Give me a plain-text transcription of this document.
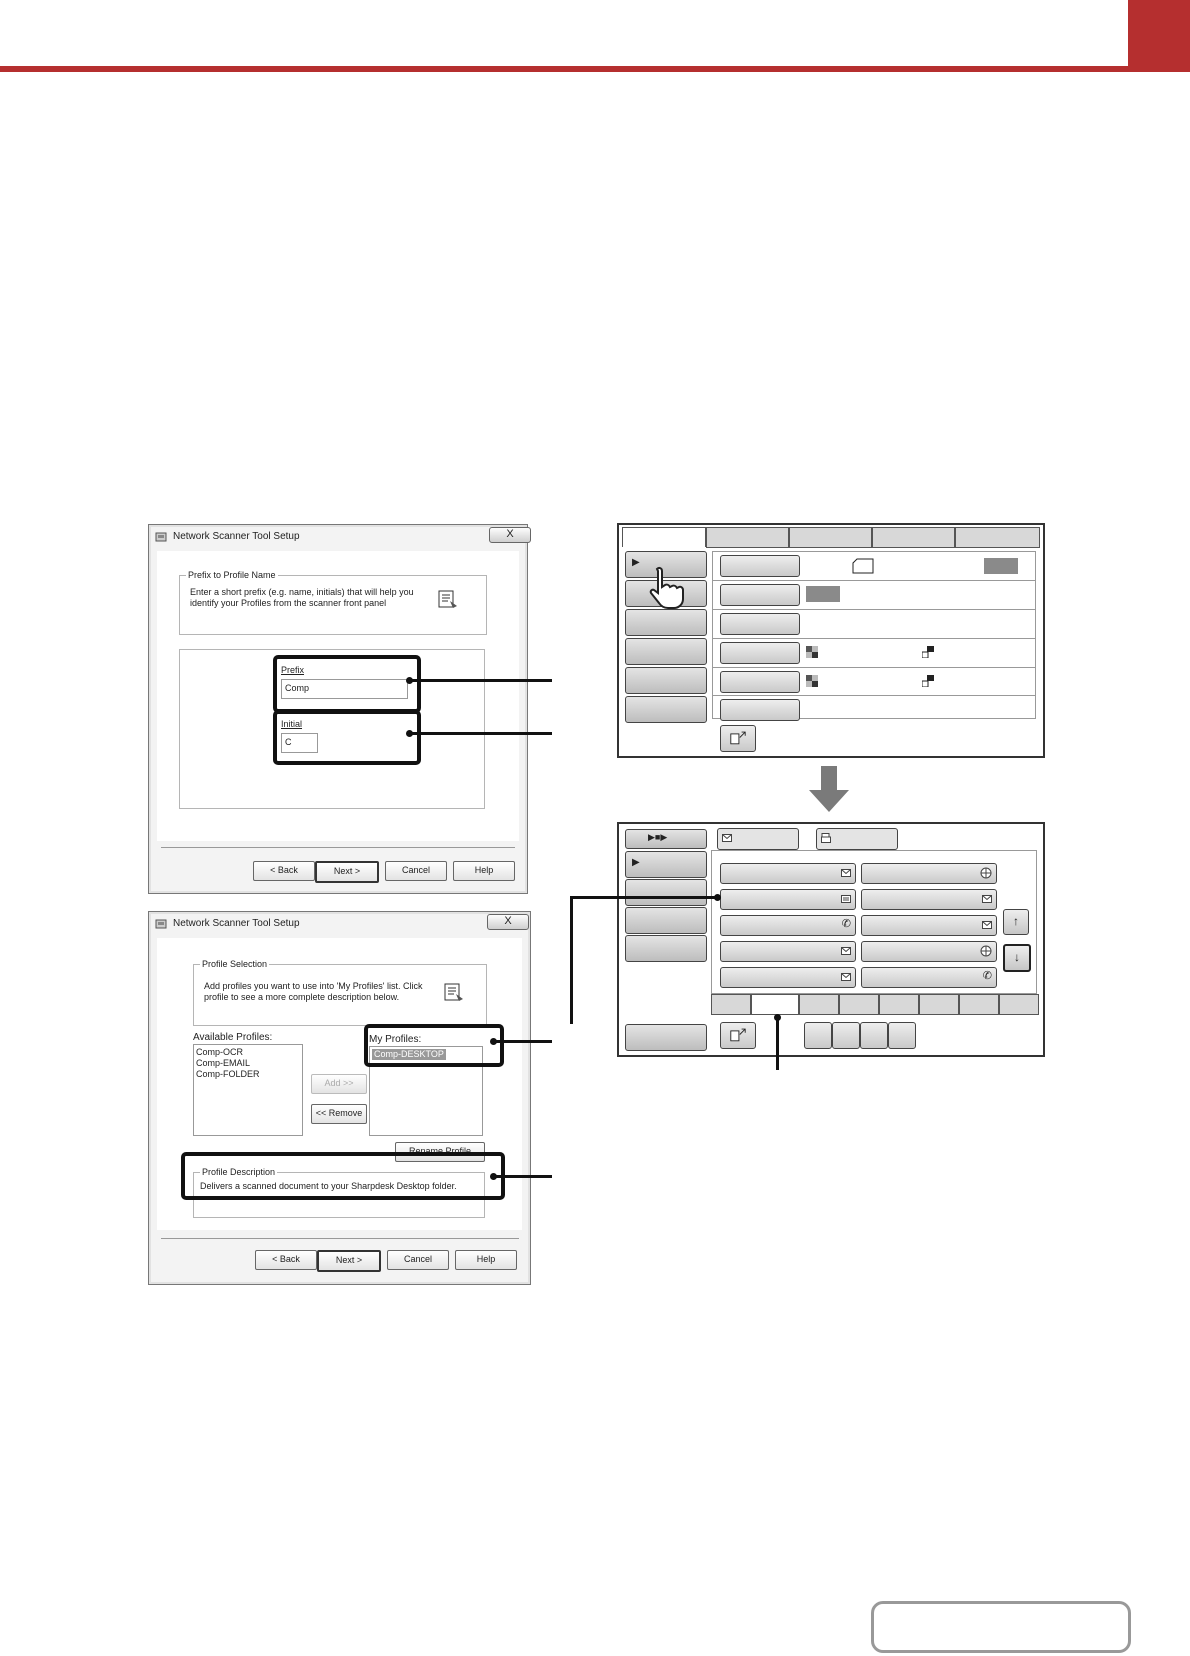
Network Scanner Tool Setup	X
Prefix to Profile Name
Enter a short prefix (e.g. name, initials) that will help you
identify your Profiles from the scanner front panel
Prefix
Comp
Initial
C
< Back	Next >	Cancel	Help
Network Scanner Tool Setup	X
Profile Selection
Add profiles you want to use into 'My Profiles' list. Click
profile to see a more complete description below.
Available Profiles:
Comp-OCR
Comp-EMAIL
Comp-FOLDER
Add >>
<< Remove
My Profiles:
Comp-DESKTOP
Rename Profile
Profile Description
Delivers a scanned document to your Sharpdesk Desktop folder.
< Back	Next >	Cancel	Help
▶
▶■▶
▶
✆
✆
↑
↓
